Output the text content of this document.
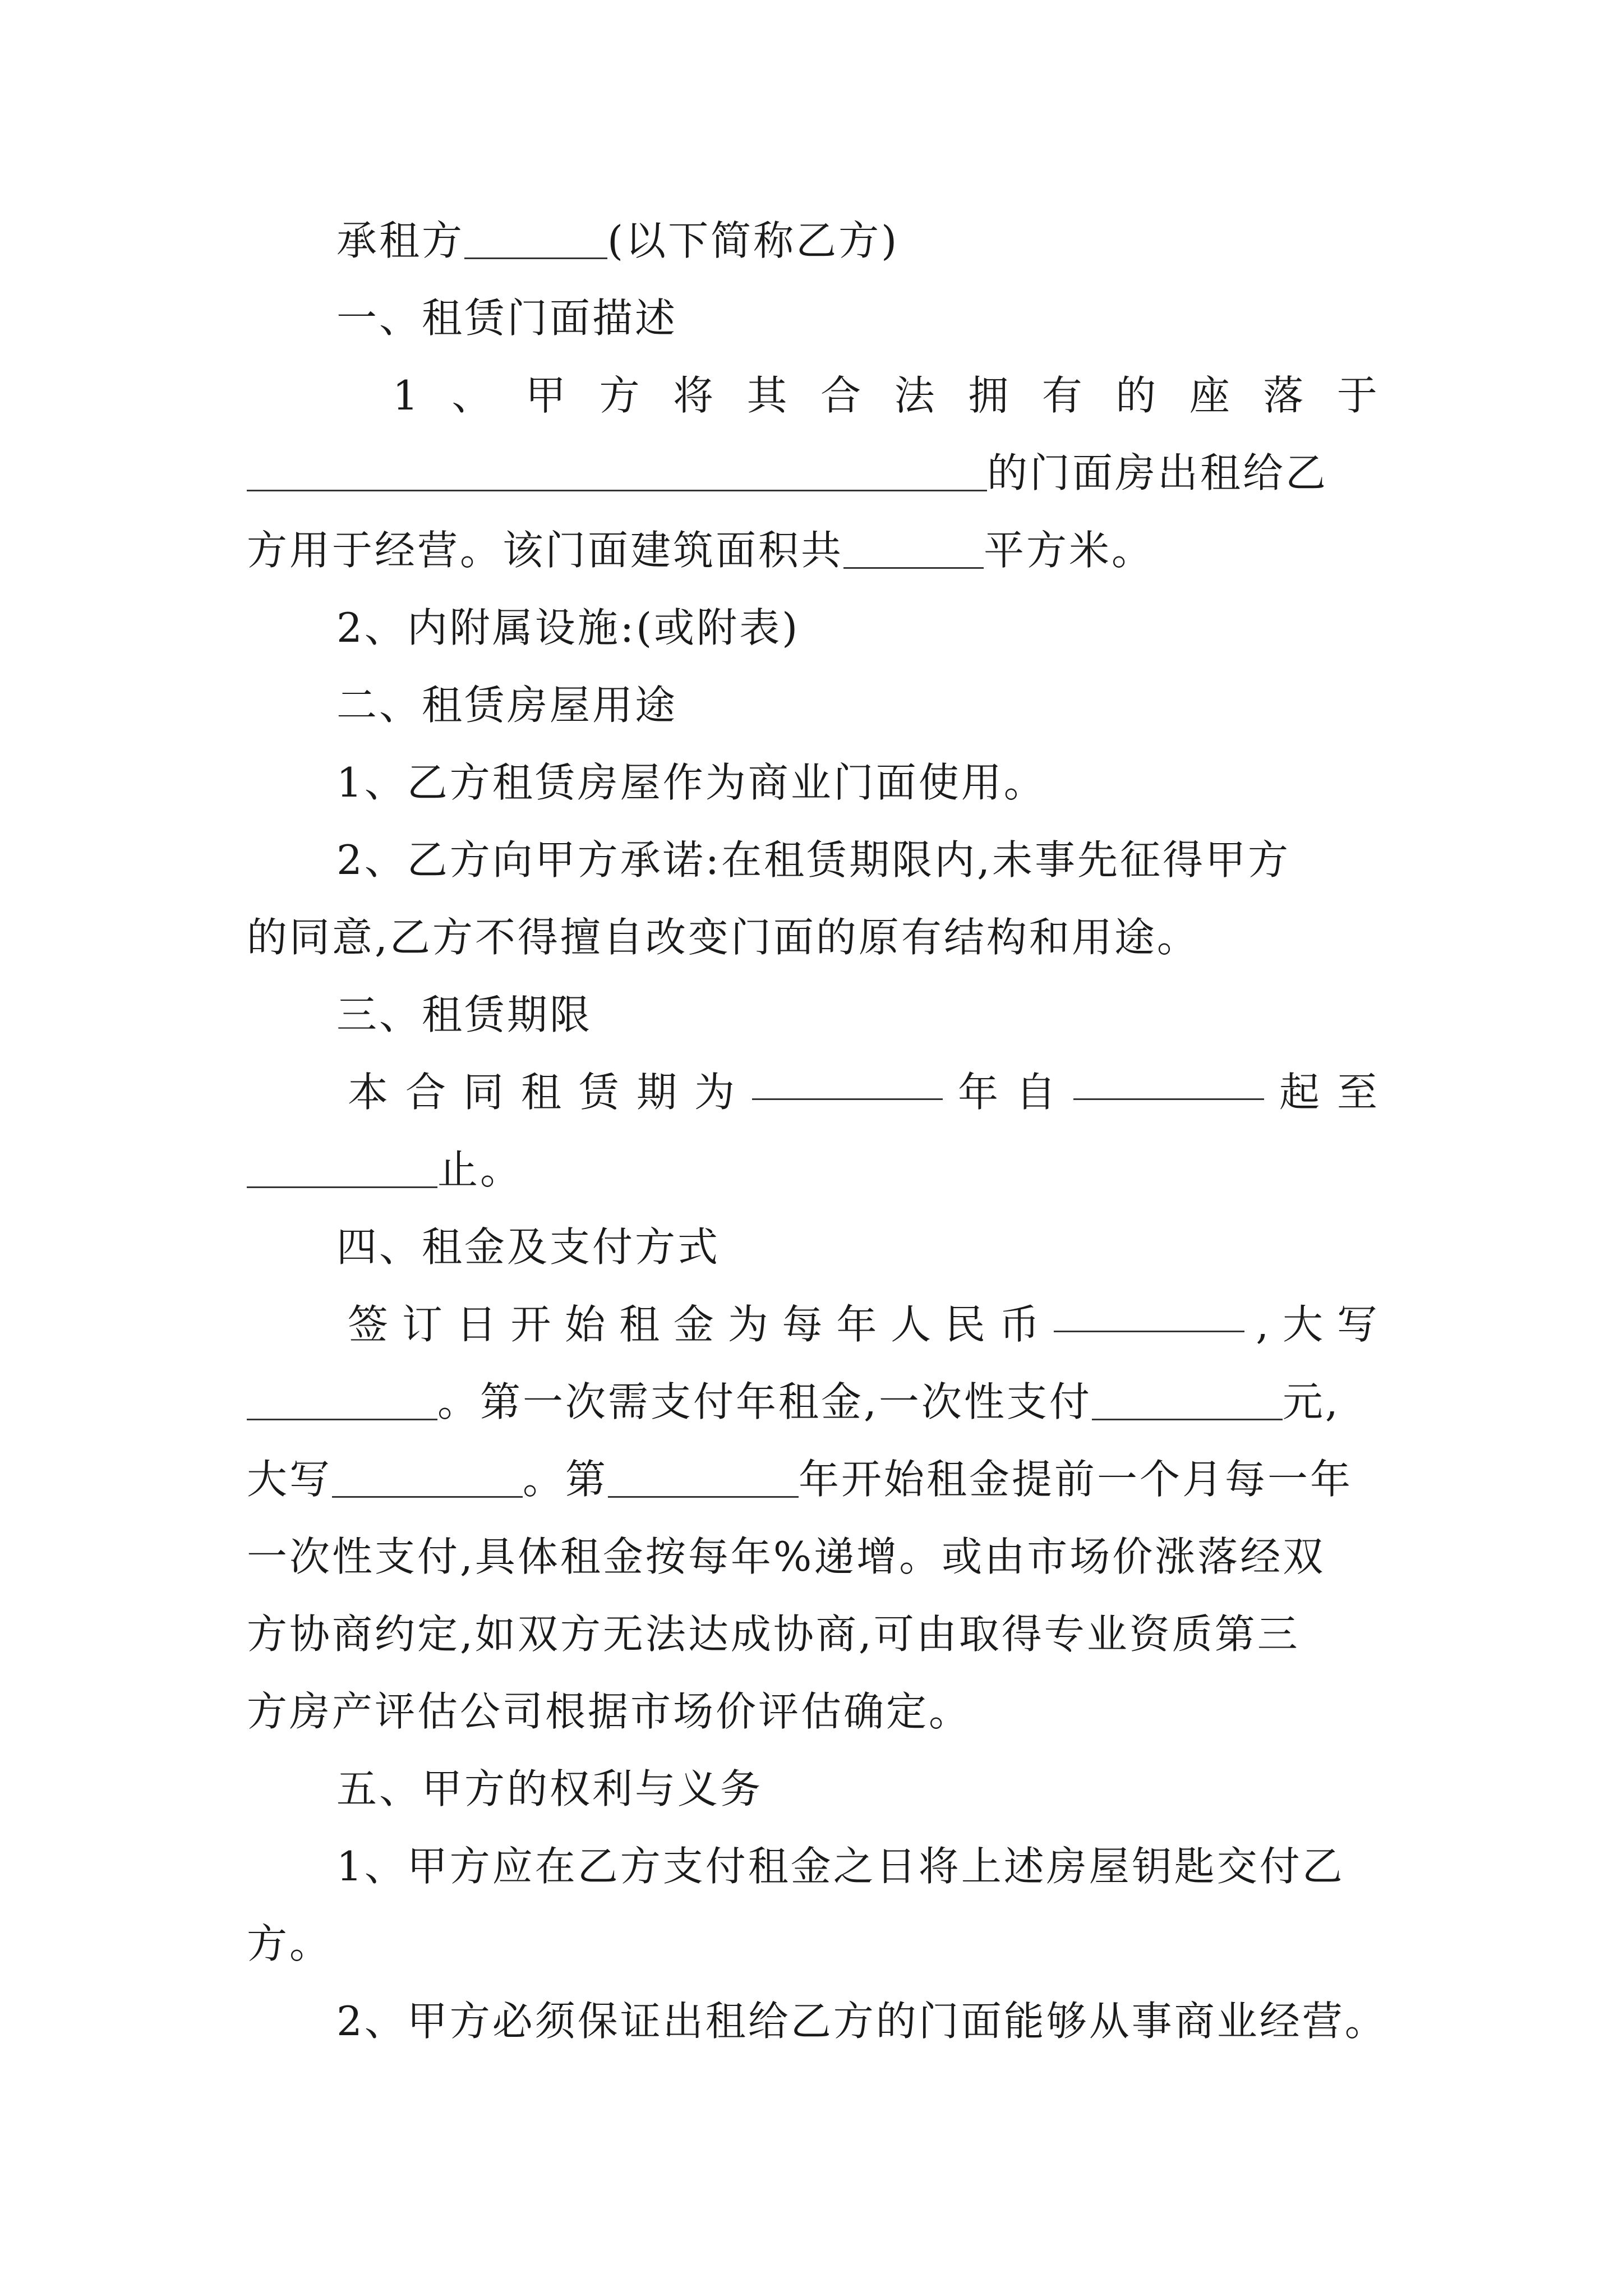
承租方	(以下简称乙方)

一、租赁门面描述

1 、 甲 方 将 其 合 法 拥 有 的 座 落 于

的门面房出租给乙

方用于经营。该门面建筑面积共	平方米。

2、内附属设施:(或附表)

二、租赁房屋用途

1、乙方租赁房屋作为商业门面使用。

2、乙方向甲方承诺:在租赁期限内,未事先征得甲方

的同意,乙方不得擅自改变门面的原有结构和用途。

三、租赁期限

本 合 同 租 赁 期 为	年 自	起 至

止。

四、租金及支付方式

签 订 日 开 始 租 金 为 每 年 人 民 币	, 大 写

。第一次需支付年租金,一次性支付	元,

大写	。第	年开始租金提前一个月每一年

一次性支付,具体租金按每年%递增。或由市场价涨落经双

方协商约定,如双方无法达成协商,可由取得专业资质第三

方房产评估公司根据市场价评估确定。

五、甲方的权利与义务

1、甲方应在乙方支付租金之日将上述房屋钥匙交付乙

方。

2、甲方必须保证出租给乙方的门面能够从事商业经营。
